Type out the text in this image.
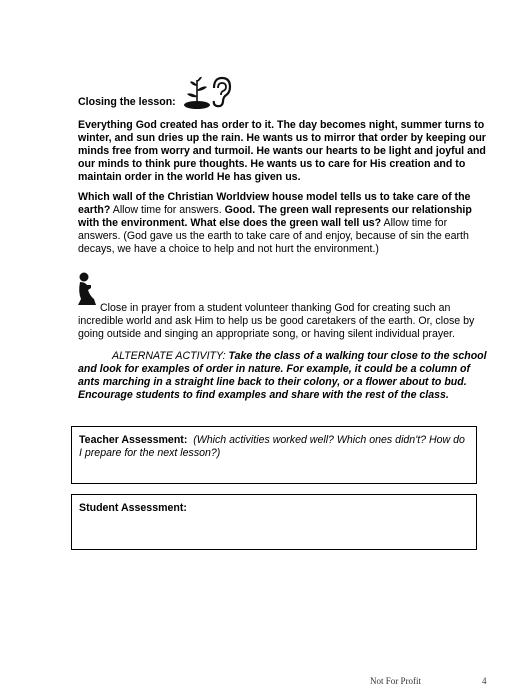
Closing the lesson:
Everything God created has order to it. The day becomes night, summer turns to winter, and sun dries up the rain. He wants us to mirror that order by keeping our minds free from worry and turmoil. He wants our hearts to be light and joyful and our minds to think pure thoughts. He wants us to care for His creation and to maintain order in the world He has given us.
Which wall of the Christian Worldview house model tells us to take care of the earth? Allow time for answers. Good. The green wall represents our relationship with the environment. What else does the green wall tell us? Allow time for answers. (God gave us the earth to take care of and enjoy, because of sin the earth decays, we have a choice to help and not hurt the environment.)
Close in prayer from a student volunteer thanking God for creating such an incredible world and ask Him to help us be good caretakers of the earth. Or, close by going outside and singing an appropriate song, or having silent individual prayer.
ALTERNATE ACTIVITY: Take the class of a walking tour close to the school and look for examples of order in nature. For example, it could be a column of ants marching in a straight line back to their colony, or a flower about to bud. Encourage students to find examples and share with the rest of the class.
Teacher Assessment: (Which activities worked well? Which ones didn't? How do I prepare for the next lesson?)
Student Assessment:
Not For Profit	4
